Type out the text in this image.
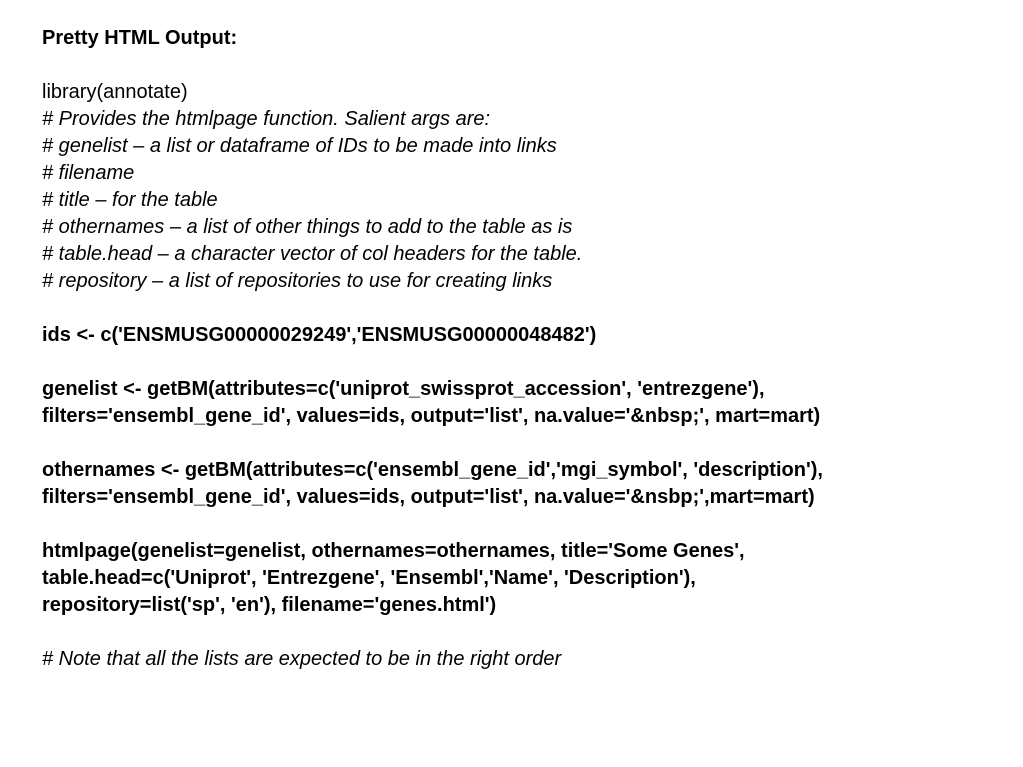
Pretty HTML Output:
library(annotate)
# Provides the htmlpage function. Salient args are:
# genelist – a list or dataframe of IDs to be made into links
# filename
# title – for the table
# othernames – a list of other things to add to the table as is
# table.head – a character vector of col headers for the table.
# repository – a list of repositories to use for creating links
ids <- c('ENSMUSG00000029249','ENSMUSG00000048482')
genelist <- getBM(attributes=c('uniprot_swissprot_accession', 'entrezgene'),
filters='ensembl_gene_id', values=ids, output='list', na.value='&nbsp;', mart=mart)
othernames <- getBM(attributes=c('ensembl_gene_id','mgi_symbol', 'description'),
filters='ensembl_gene_id', values=ids, output='list', na.value='&nsbp;',mart=mart)
htmlpage(genelist=genelist, othernames=othernames, title='Some Genes',
table.head=c('Uniprot', 'Entrezgene', 'Ensembl','Name', 'Description'),
repository=list('sp', 'en'), filename='genes.html')
# Note that all the lists are expected to be in the right order
